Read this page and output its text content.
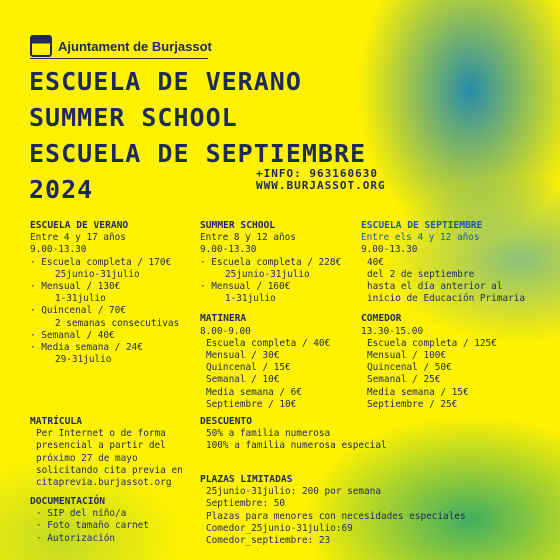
Ajuntament de Burjassot
ESCUELA DE VERANO
SUMMER SCHOOL
ESCUELA DE SEPTIEMBRE
2024
+INFO: 963160630
WWW.BURJASSOT.ORG
ESCUELA DE VERANO
Entre 4 y 17 años
9.00-13.30
· Escuela completa / 170€
25junio-31julio
· Mensual / 130€
1-31julio
· Quincenal / 70€
2 semanas consecutivas
· Semanal / 40€
· Media semana / 24€
29-31julio
SUMMER SCHOOL
Entre 8 y 12 años
9.00-13.30
· Escuela completa / 228€
25junio-31julio
· Mensual / 160€
1-31julio
MATINERA
8.00-9.00
Escuela completa / 40€
Mensual / 30€
Quincenal / 15€
Semanal / 10€
Media semana / 6€
Septiembre / 10€
ESCUELA DE SEPTIEMBRE
Entre els 4 y 12 años
9.00-13.30
40€
del 2 de septiembre
hasta el día anterior al
inicio de Educación Primaria
COMEDOR
13.30-15.00
Escuela completa / 125€
Mensual / 100€
Quincenal / 50€
Semanal / 25€
Media semana / 15€
Septiembre / 25€
MATRÍCULA
Per Internet o de forma
presencial a partir del
próximo 27 de mayo
solicitando cita previa en
citaprevia.burjassot.org
DOCUMENTACIÓN
· SIP del niño/a
· Foto tamaño carnet
· Autorización
DESCUENTO
50% a familia numerosa
100% a familia numerosa especial
PLAZAS LIMITADAS
25junio-31julio: 200 por semana
Septiembre: 50
Plazas para menores con necesidades especiales
Comedor_25junio-31julio:69
Comedor_septiembre: 23
